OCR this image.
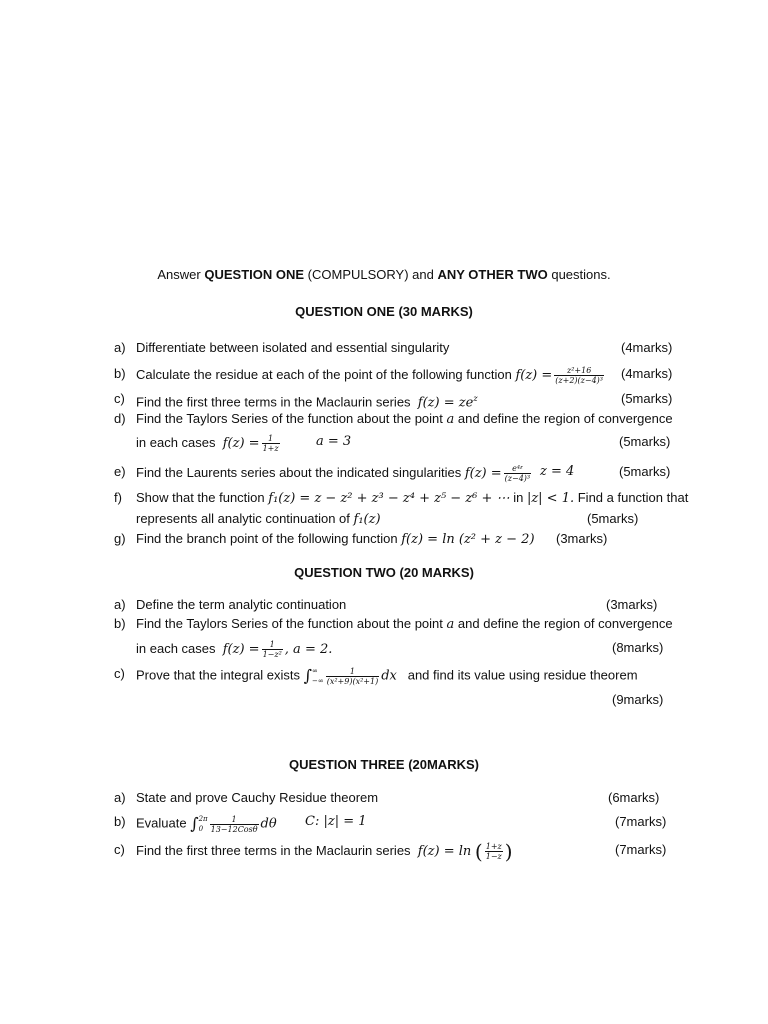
Answer QUESTION ONE (COMPULSORY) and ANY OTHER TWO questions.
QUESTION ONE (30 MARKS)
a) Differentiate between isolated and essential singularity	(4marks)
b) Calculate the residue at each of the point of the following function $f(z) = \frac{\text{z²+16}}{\text{(z+2)(z−4)³}}$ (4marks)
c) Find the first three terms in the Maclaurin series $f(z) = ze^z$	(5marks)
d) Find the Taylors Series of the function about the point a and define the region of convergence
in each cases $f(z) = \frac{1}{1+z}$	a = 3	(5marks)
e) Find the Laurents series about the indicated singularities $f(z) = \frac{\text{e⁴ᶻ}}{\text{(z−4)³}}$ z = 4	(5marks)
f) Show that the function f₁(z) = z − z² + z³ − z⁴ + z⁵ − z⁶ + ⋯ in |z| < 1. Find a function that
represents all analytic continuation of f₁(z)	(5marks)
g) Find the branch point of the following function f(z) = ln (z² + z − 2) (3marks)
QUESTION TWO (20 MARKS)
a) Define the term analytic continuation	(3marks)
b) Find the Taylors Series of the function about the point a and define the region of convergence
in each cases $f(z) = \frac{1}{\text{1−z²}}$ , a = 2.	(8marks)
c) Prove that the integral exists ∫ ∞
−∞ $\frac{1}{\text{(x²+9)(x²+1)}}$ dx and find its value using residue theorem
(9marks)
QUESTION THREE (20MARKS)
a) State and prove Cauchy Residue theorem	(6marks)
b) Evaluate ∫ 2π
$0 \frac{1}{\text{13−12Cosθ}}$ dθ C: |z| = 1	(7marks)
c) Find the first three terms in the Maclaurin series f(z) = ln ( $\frac{1+z}{1-z}$ )	(7marks)
